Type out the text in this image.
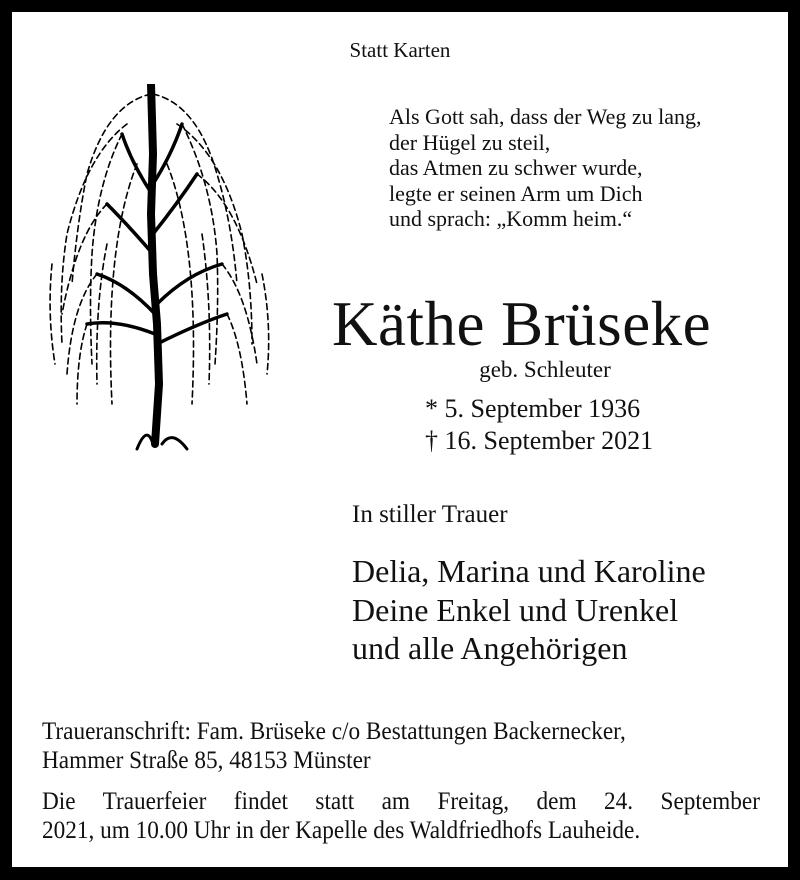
Statt Karten
Als Gott sah, dass der Weg zu lang,
der Hügel zu steil,
das Atmen zu schwer wurde,
legte er seinen Arm um Dich
und sprach: „Komm heim.“
Käthe Brüseke
geb. Schleuter
* 5. September 1936
† 16. September 2021
In stiller Trauer
Delia, Marina und Karoline
Deine Enkel und Urenkel
und alle Angehörigen

Traueranschrift: Fam. Brüseke c/o Bestattungen Backernecker,
Hammer Straße 85, 48153 Münster

Die Trauerfeier findet statt am Freitag, dem 24. September
2021, um 10.00 Uhr in der Kapelle des Waldfriedhofs Lauheide.
